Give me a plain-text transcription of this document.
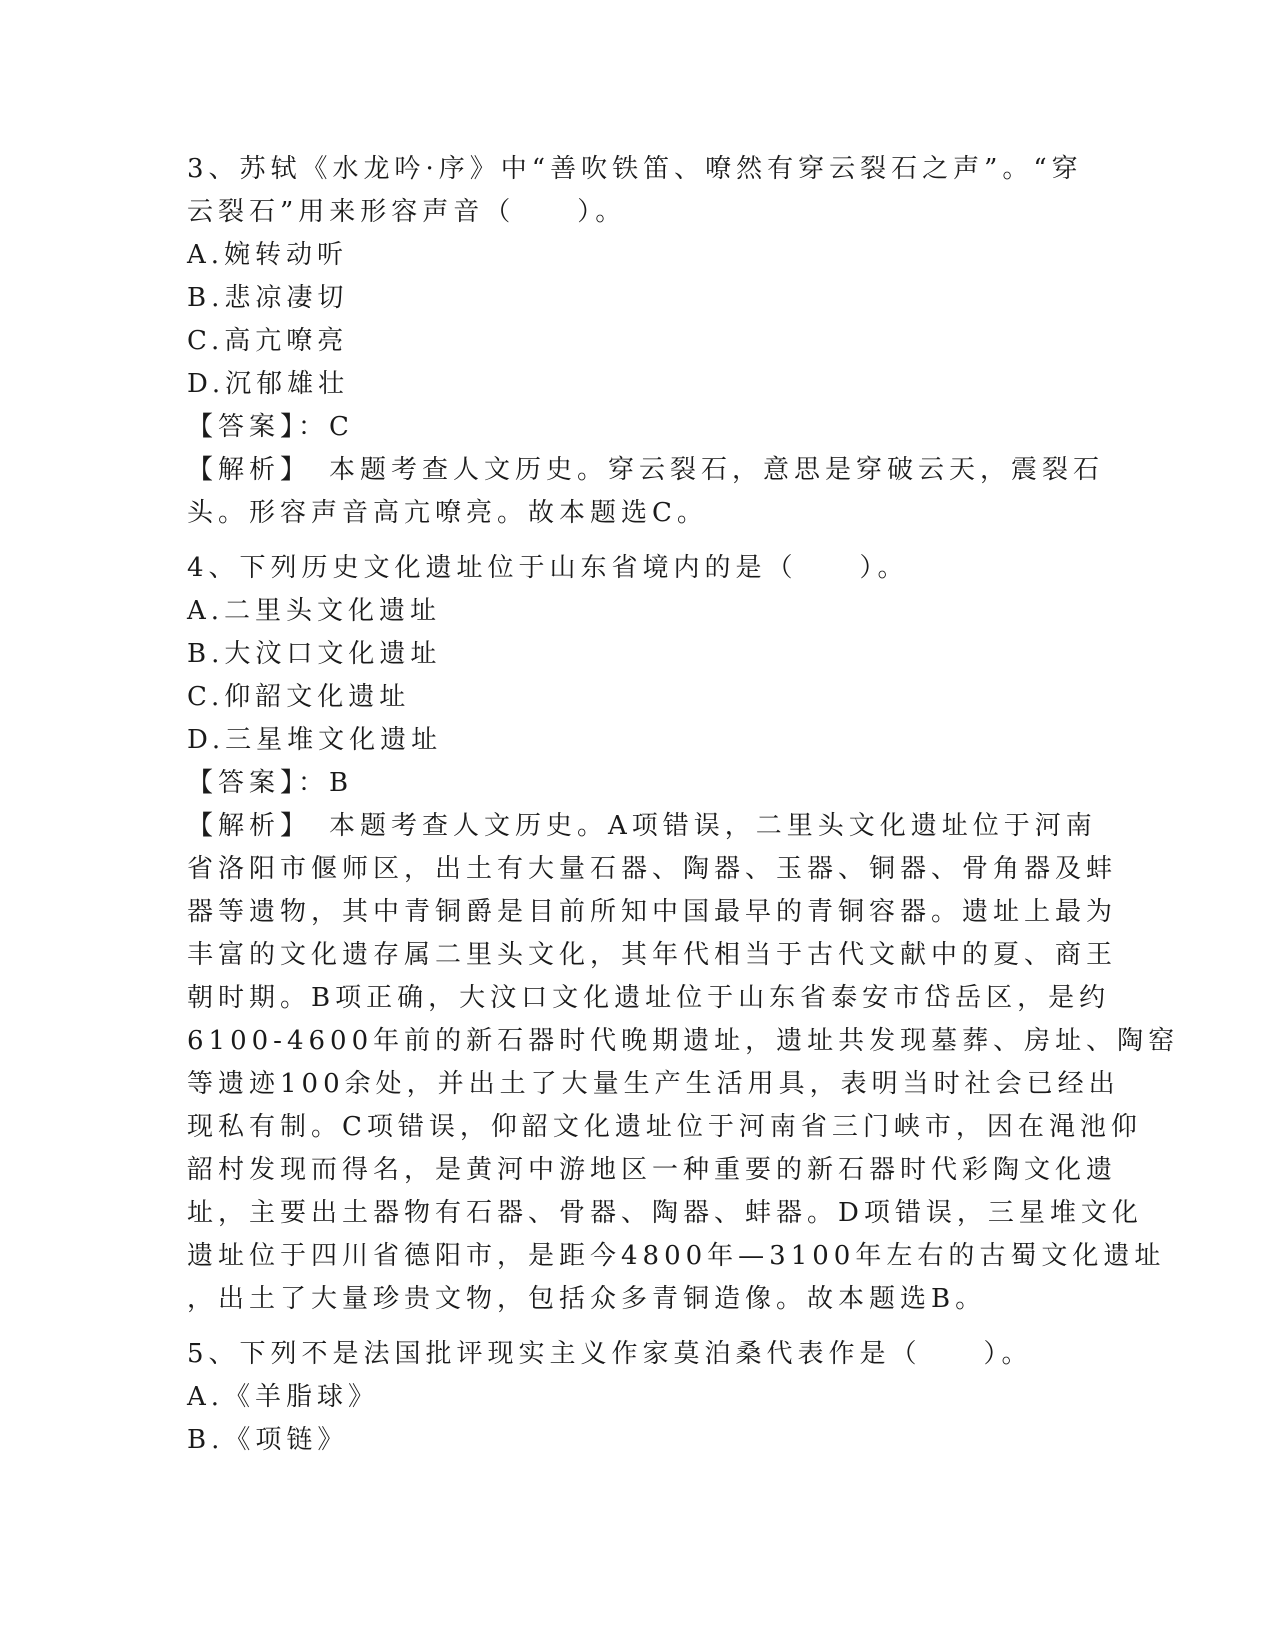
3、苏轼《水龙吟·序》中“善吹铁笛、嘹然有穿云裂石之声”。“穿
云裂石”用来形容声音（　　）。
A.婉转动听
B.悲凉凄切
C.高亢嘹亮
D.沉郁雄壮
【答案】：C
【解析】　本题考查人文历史。穿云裂石，意思是穿破云天，震裂石
头。形容声音高亢嘹亮。故本题选C。
4、下列历史文化遗址位于山东省境内的是（　　）。
A.二里头文化遗址
B.大汶口文化遗址
C.仰韶文化遗址
D.三星堆文化遗址
【答案】：B
【解析】　本题考查人文历史。A项错误，二里头文化遗址位于河南
省洛阳市偃师区，出土有大量石器、陶器、玉器、铜器、骨角器及蚌
器等遗物，其中青铜爵是目前所知中国最早的青铜容器。遗址上最为
丰富的文化遗存属二里头文化，其年代相当于古代文献中的夏、商王
朝时期。B项正确，大汶口文化遗址位于山东省泰安市岱岳区，是约
6100-4600年前的新石器时代晚期遗址，遗址共发现墓葬、房址、陶窑
等遗迹100余处，并出土了大量生产生活用具，表明当时社会已经出
现私有制。C项错误，仰韶文化遗址位于河南省三门峡市，因在渑池仰
韶村发现而得名，是黄河中游地区一种重要的新石器时代彩陶文化遗
址，主要出土器物有石器、骨器、陶器、蚌器。D项错误，三星堆文化
遗址位于四川省德阳市，是距今4800年—3100年左右的古蜀文化遗址
，出土了大量珍贵文物，包括众多青铜造像。故本题选B。
5、下列不是法国批评现实主义作家莫泊桑代表作是（　　）。
A.《羊脂球》
B.《项链》
